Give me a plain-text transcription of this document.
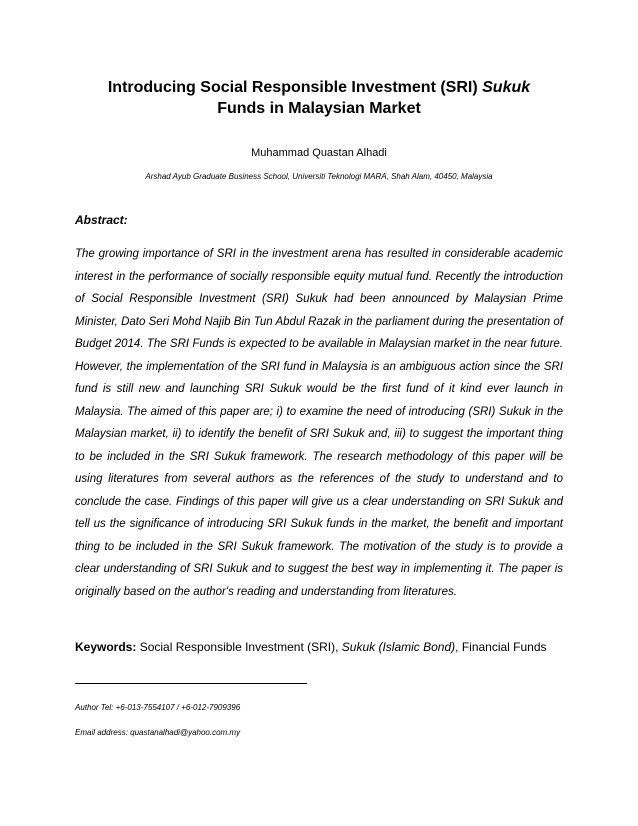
Introducing Social Responsible Investment (SRI) Sukuk
Funds in Malaysian Market

Muhammad Quastan Alhadi

Arshad Ayub Graduate Business School, Universiti Teknologi MARA, Shah Alam, 40450, Malaysia

Abstract:

The growing importance of SRI in the investment arena has resulted in considerable academic interest in the performance of socially responsible equity mutual fund. Recently the introduction of Social Responsible Investment (SRI) Sukuk had been announced by Malaysian Prime Minister, Dato Seri Mohd Najib Bin Tun Abdul Razak in the parliament during the presentation of Budget 2014. The SRI Funds is expected to be available in Malaysian market in the near future. However, the implementation of the SRI fund in Malaysia is an ambiguous action since the SRI fund is still new and launching SRI Sukuk would be the first fund of it kind ever launch in Malaysia. The aimed of this paper are; i) to examine the need of introducing (SRI) Sukuk in the Malaysian market, ii) to identify the benefit of SRI Sukuk and, iii) to suggest the important thing to be included in the SRI Sukuk framework. The research methodology of this paper will be using literatures from several authors as the references of the study to understand and to conclude the case. Findings of this paper will give us a clear understanding on SRI Sukuk and tell us the significance of introducing SRI Sukuk funds in the market, the benefit and important thing to be included in the SRI Sukuk framework. The motivation of the study is to provide a clear understanding of SRI Sukuk and to suggest the best way in implementing it. The paper is originally based on the author's reading and understanding from literatures.

Keywords: Social Responsible Investment (SRI), Sukuk (Islamic Bond), Financial Funds

Author Tel: +6-013-7554107 / +6-012-7909396

Email address: quastanalhadi@yahoo.com.my
